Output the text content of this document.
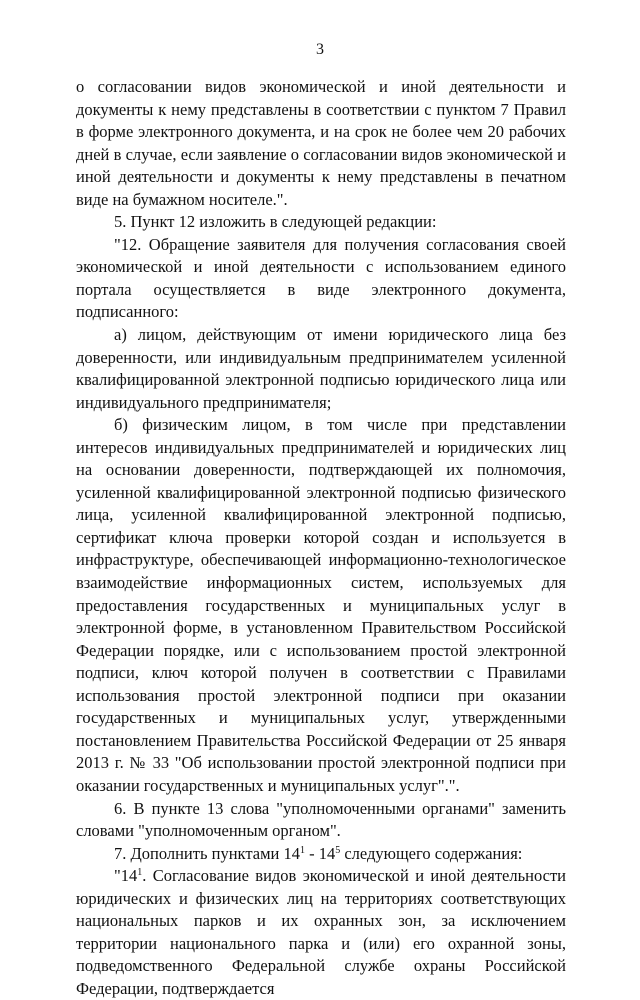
3

о согласовании видов экономической и иной деятельности и документы к нему представлены в соответствии с пунктом 7 Правил в форме электронного документа, и на срок не более чем 20 рабочих дней в случае, если заявление о согласовании видов экономической и иной деятельности и документы к нему представлены в печатном виде на бумажном носителе.".

5. Пункт 12 изложить в следующей редакции:

"12. Обращение заявителя для получения согласования своей экономической и иной деятельности с использованием единого портала осуществляется в виде электронного документа, подписанного:

а) лицом, действующим от имени юридического лица без доверенности, или индивидуальным предпринимателем усиленной квалифицированной электронной подписью юридического лица или индивидуального предпринимателя;

б) физическим лицом, в том числе при представлении интересов индивидуальных предпринимателей и юридических лиц на основании доверенности, подтверждающей их полномочия, усиленной квалифицированной электронной подписью физического лица, усиленной квалифицированной электронной подписью, сертификат ключа проверки которой создан и используется в инфраструктуре, обеспечивающей информационно-технологическое взаимодействие информационных систем, используемых для предоставления государственных и муниципальных услуг в электронной форме, в установленном Правительством Российской Федерации порядке, или с использованием простой электронной подписи, ключ которой получен в соответствии с Правилами использования простой электронной подписи при оказании государственных и муниципальных услуг, утвержденными постановлением Правительства Российской Федерации от 25 января 2013 г. № 33 "Об использовании простой электронной подписи при оказании государственных и муниципальных услуг".".

6. В пункте 13 слова "уполномоченными органами" заменить словами "уполномоченным органом".

7. Дополнить пунктами $14^1 - 14^5$ следующего содержания:

"$14^1$. Согласование видов экономической и иной деятельности юридических и физических лиц на территориях соответствующих национальных парков и их охранных зон, за исключением территории национального парка и (или) его охранной зоны, подведомственного Федеральной службе охраны Российской Федерации, подтверждается
